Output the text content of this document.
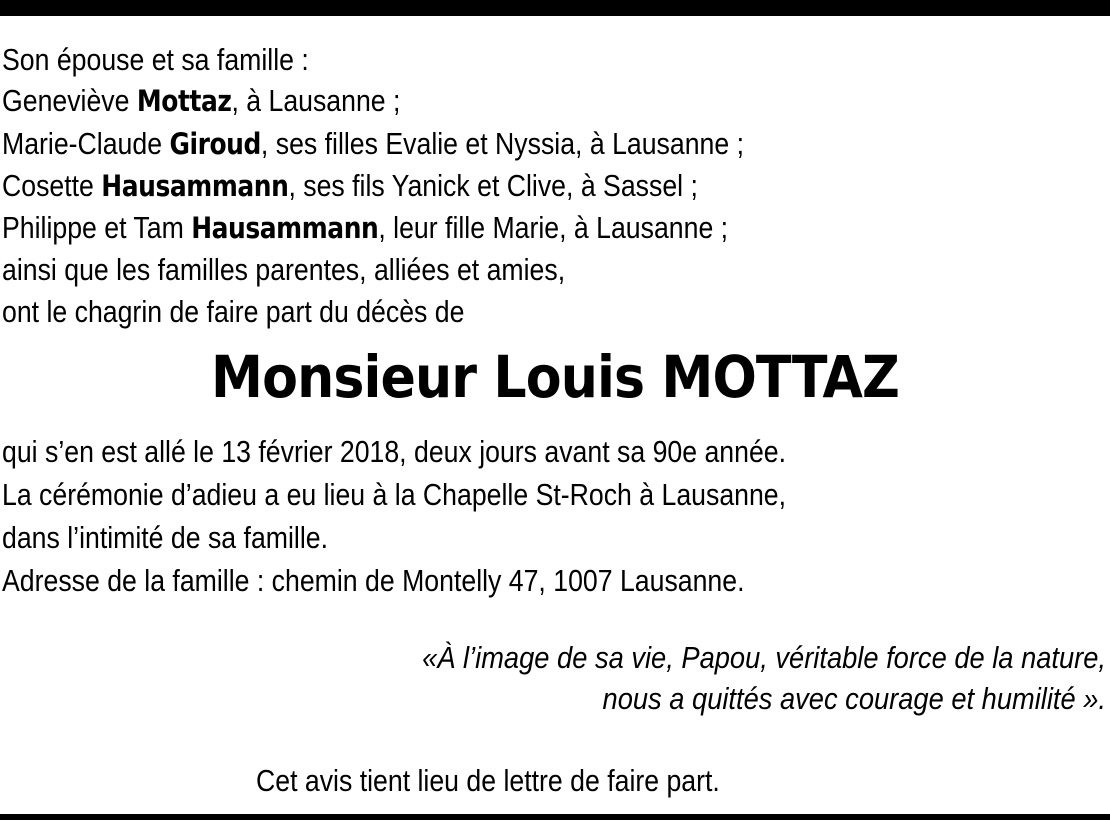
Son épouse et sa famille :
Geneviève Mottaz, à Lausanne ;
Marie-Claude Giroud, ses filles Evalie et Nyssia, à Lausanne ;
Cosette Hausammann, ses fils Yanick et Clive, à Sassel ;
Philippe et Tam Hausammann, leur fille Marie, à Lausanne ;
ainsi que les familles parentes, alliées et amies,
ont le chagrin de faire part du décès de
Monsieur Louis MOTTAZ
qui s’en est allé le 13 février 2018, deux jours avant sa 90e année.
La cérémonie d’adieu a eu lieu à la Chapelle St-Roch à Lausanne,
dans l’intimité de sa famille.
Adresse de la famille : chemin de Montelly 47, 1007 Lausanne.
«À l’image de sa vie, Papou, véritable force de la nature,
nous a quittés avec courage et humilité ».
Cet avis tient lieu de lettre de faire part.
